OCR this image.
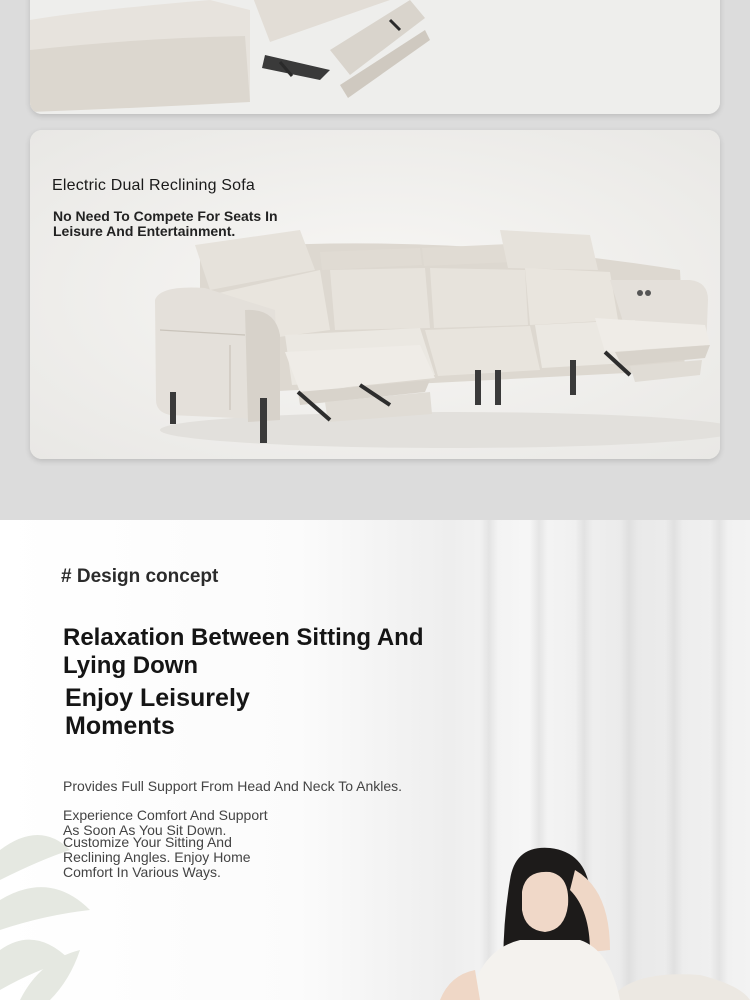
Electric Dual Reclining Sofa

No Need To Compete For Seats In Leisure And Entertainment.

# Design concept
Relaxation Between Sitting And Lying Down
Enjoy Leisurely Moments

Provides Full Support From Head And Neck To Ankles.

Experience Comfort And Support As Soon As You Sit Down.

Customize Your Sitting And Reclining Angles. Enjoy Home Comfort In Various Ways.
